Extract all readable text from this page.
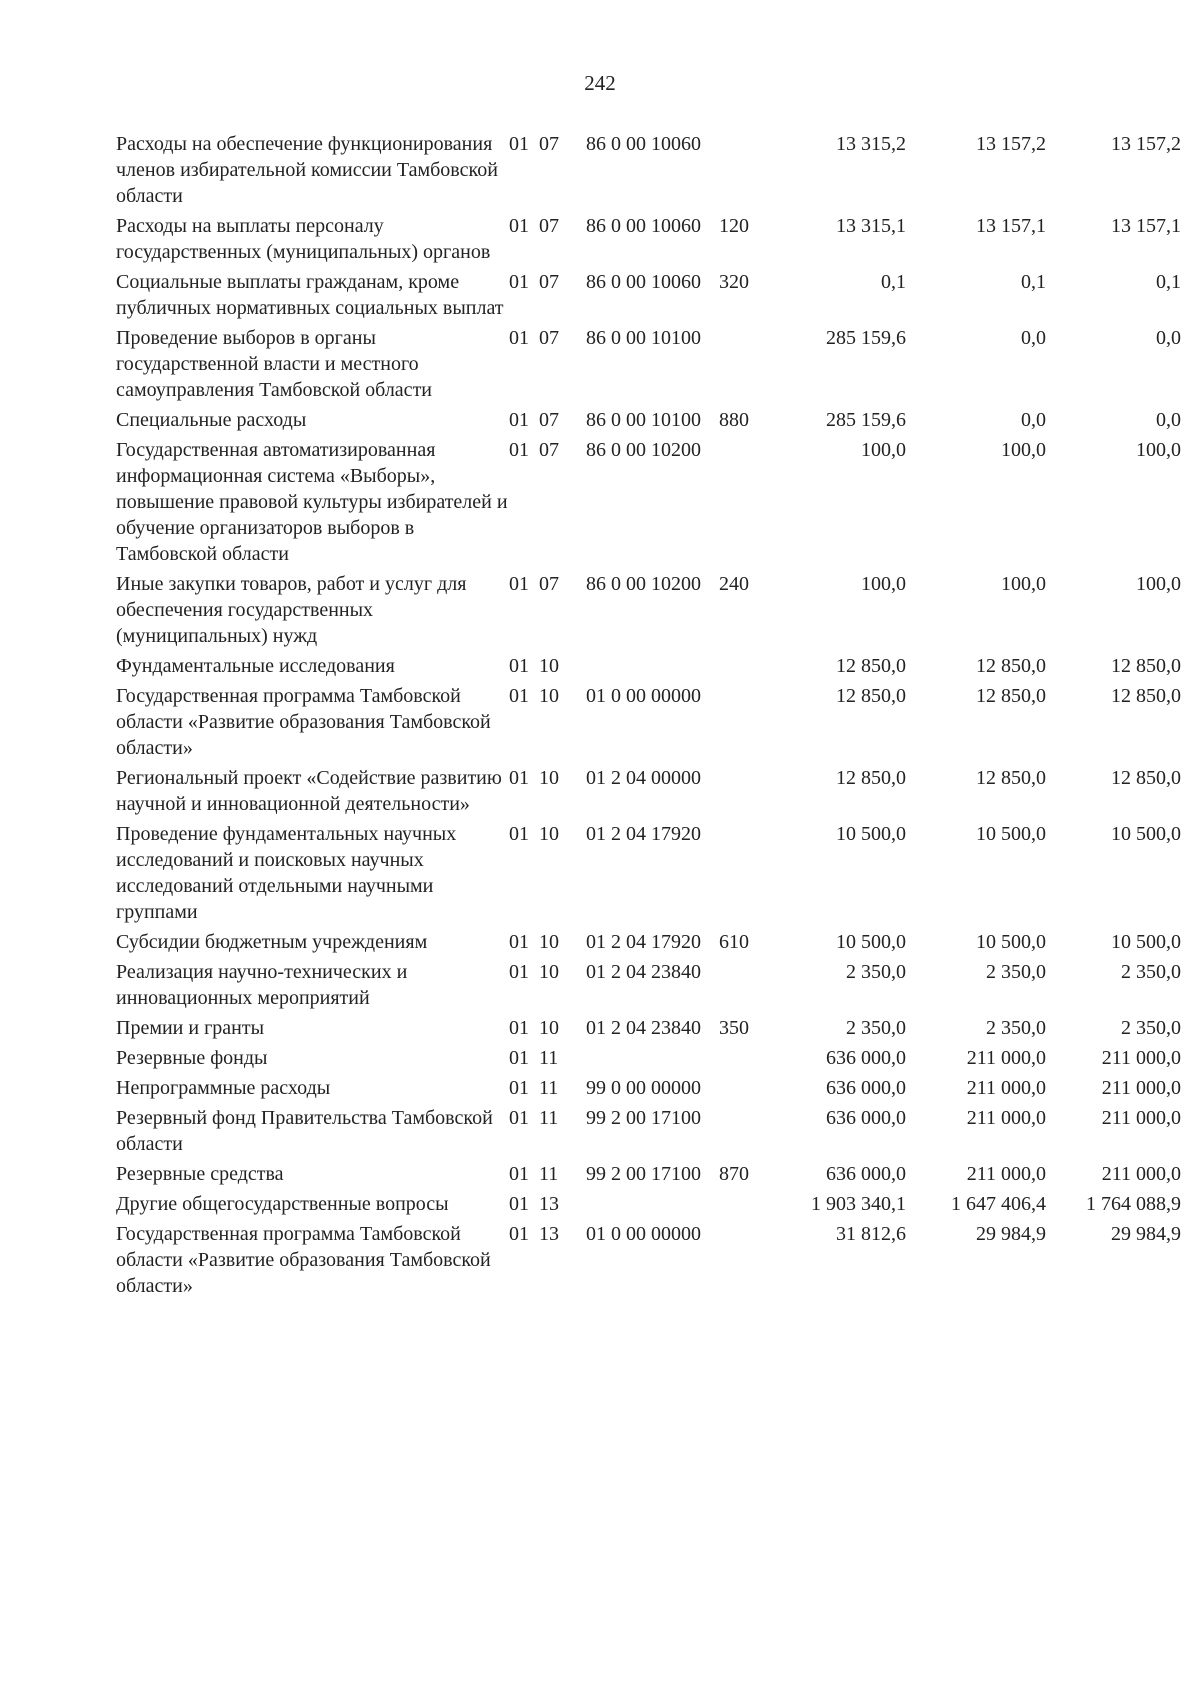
242
Расходы на обеспечение функционирования членов избирательной комиссии Тамбовской области	01	07	86 0 00 10060		13 315,2	13 157,2	13 157,2
Расходы на выплаты персоналу государственных (муниципальных) органов	01	07	86 0 00 10060	120	13 315,1	13 157,1	13 157,1
Социальные выплаты гражданам, кроме публичных нормативных социальных выплат	01	07	86 0 00 10060	320	0,1	0,1	0,1
Проведение выборов в органы государственной власти и местного самоуправления Тамбовской области	01	07	86 0 00 10100		285 159,6	0,0	0,0
Специальные расходы	01	07	86 0 00 10100	880	285 159,6	0,0	0,0
Государственная автоматизированная информационная система «Выборы», повышение правовой культуры избирателей и обучение организаторов выборов в Тамбовской области	01	07	86 0 00 10200		100,0	100,0	100,0
Иные закупки товаров, работ и услуг для обеспечения государственных (муниципальных) нужд	01	07	86 0 00 10200	240	100,0	100,0	100,0
Фундаментальные исследования	01	10			12 850,0	12 850,0	12 850,0
Государственная программа Тамбовской области «Развитие образования Тамбовской области»	01	10	01 0 00 00000		12 850,0	12 850,0	12 850,0
Региональный проект «Содействие развитию научной и инновационной деятельности»	01	10	01 2 04 00000		12 850,0	12 850,0	12 850,0
Проведение фундаментальных научных исследований и поисковых научных исследований отдельными научными группами	01	10	01 2 04 17920		10 500,0	10 500,0	10 500,0
Субсидии бюджетным учреждениям	01	10	01 2 04 17920	610	10 500,0	10 500,0	10 500,0
Реализация научно-технических и инновационных мероприятий	01	10	01 2 04 23840		2 350,0	2 350,0	2 350,0
Премии и гранты	01	10	01 2 04 23840	350	2 350,0	2 350,0	2 350,0
Резервные фонды	01	11			636 000,0	211 000,0	211 000,0
Непрограммные расходы	01	11	99 0 00 00000		636 000,0	211 000,0	211 000,0
Резервный фонд Правительства Тамбовской области	01	11	99 2 00 17100		636 000,0	211 000,0	211 000,0
Резервные средства	01	11	99 2 00 17100	870	636 000,0	211 000,0	211 000,0
Другие общегосударственные вопросы	01	13			1 903 340,1	1 647 406,4	1 764 088,9
Государственная программа Тамбовской области «Развитие образования Тамбовской области»	01	13	01 0 00 00000		31 812,6	29 984,9	29 984,9
